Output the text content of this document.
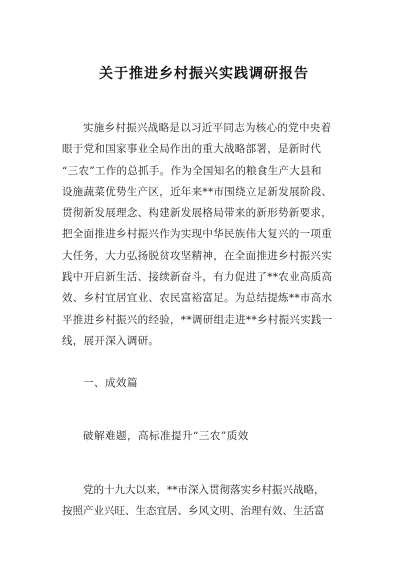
关于推进乡村振兴实践调研报告
实施乡村振兴战略是以习近平同志为核心的党中央着
眼于党和国家事业全局作出的重大战略部署，是新时代
“三农”工作的总抓手。作为全国知名的粮食生产大县和
设施蔬菜优势生产区，近年来**市围绕立足新发展阶段、
贯彻新发展理念、构建新发展格局带来的新形势新要求，
把全面推进乡村振兴作为实现中华民族伟大复兴的一项重
大任务，大力弘扬脱贫攻坚精神，在全面推进乡村振兴实
践中开启新生活、接续新奋斗，有力促进了**农业高质高
效、乡村宜居宜业、农民富裕富足。为总结提炼**市高水
平推进乡村振兴的经验，**调研组走进**乡村振兴实践一
线，展开深入调研。
一、成效篇
破解难题，高标准提升“三农”质效
党的十九大以来，**市深入贯彻落实乡村振兴战略，
按照产业兴旺、生态宜居、乡风文明、治理有效、生活富
